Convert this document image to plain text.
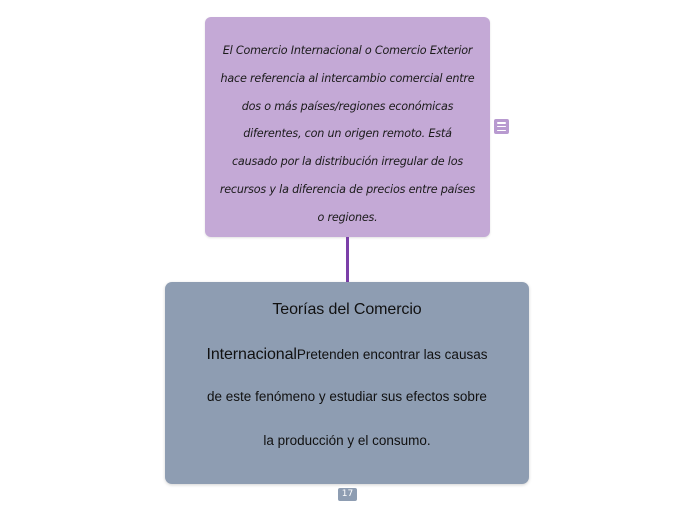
El Comercio Internacional o Comercio Exterior

hace referencia al intercambio comercial entre

dos o más países/regiones económicas

diferentes, con un origen remoto. Está

causado por la distribución irregular de los

recursos y la diferencia de precios entre países

o regiones.

Teorías del Comercio
InternacionalPretenden encontrar las causas
de este fenómeno y estudiar sus efectos sobre
la producción y el consumo.
17
